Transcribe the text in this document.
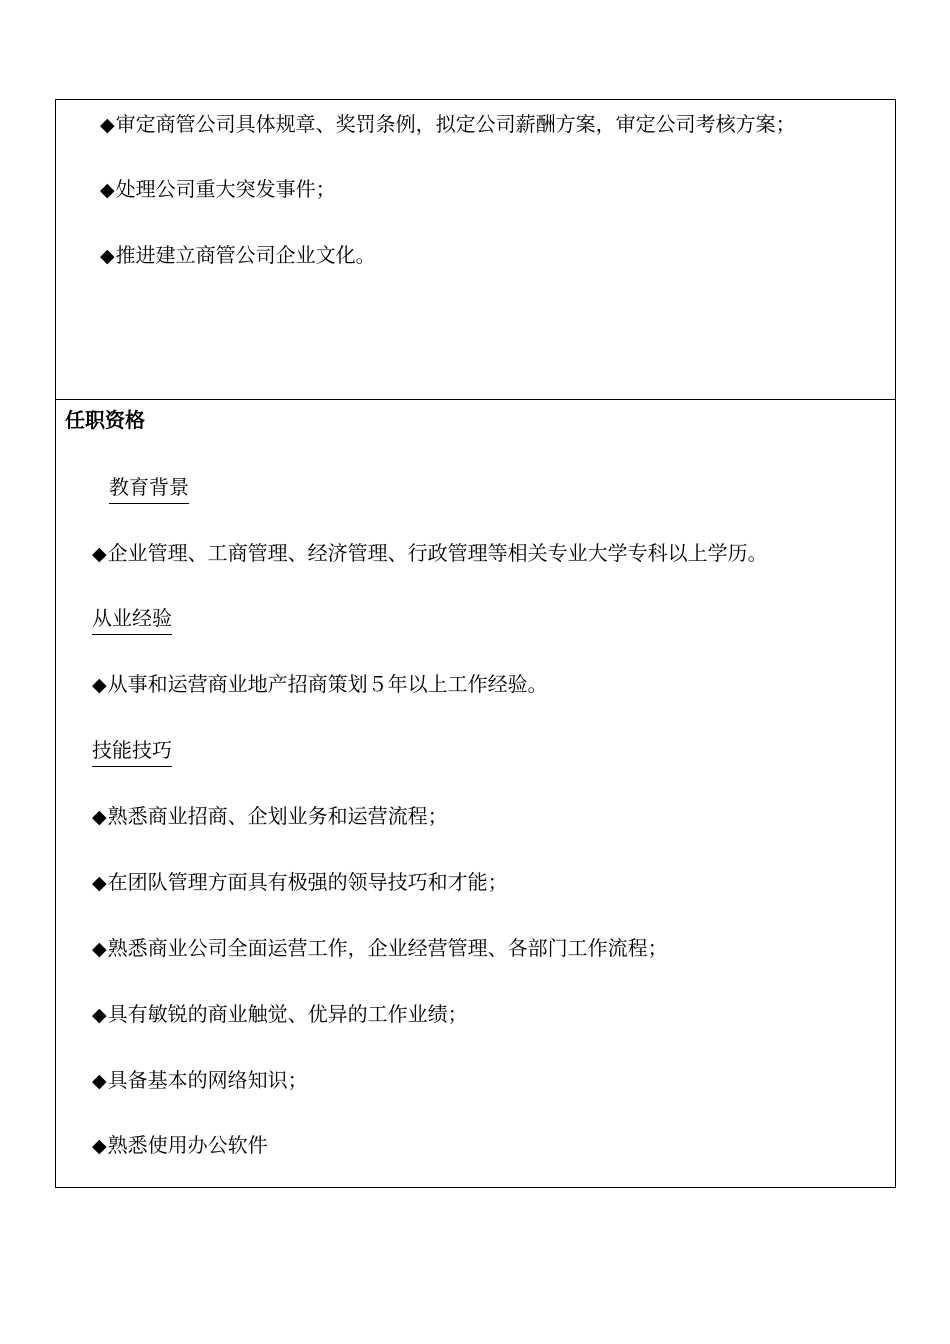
◆审定商管公司具体规章、奖罚条例，拟定公司薪酬方案，审定公司考核方案；
◆处理公司重大突发事件；
◆推进建立商管公司企业文化。
任职资格
教育背景
◆企业管理、工商管理、经济管理、行政管理等相关专业大学专科以上学历。
从业经验
◆从事和运营商业地产招商策划５年以上工作经验。
技能技巧
◆熟悉商业招商、企划业务和运营流程；
◆在团队管理方面具有极强的领导技巧和才能；
◆熟悉商业公司全面运营工作，企业经营管理、各部门工作流程；
◆具有敏锐的商业触觉、优异的工作业绩；
◆具备基本的网络知识；
◆熟悉使用办公软件
